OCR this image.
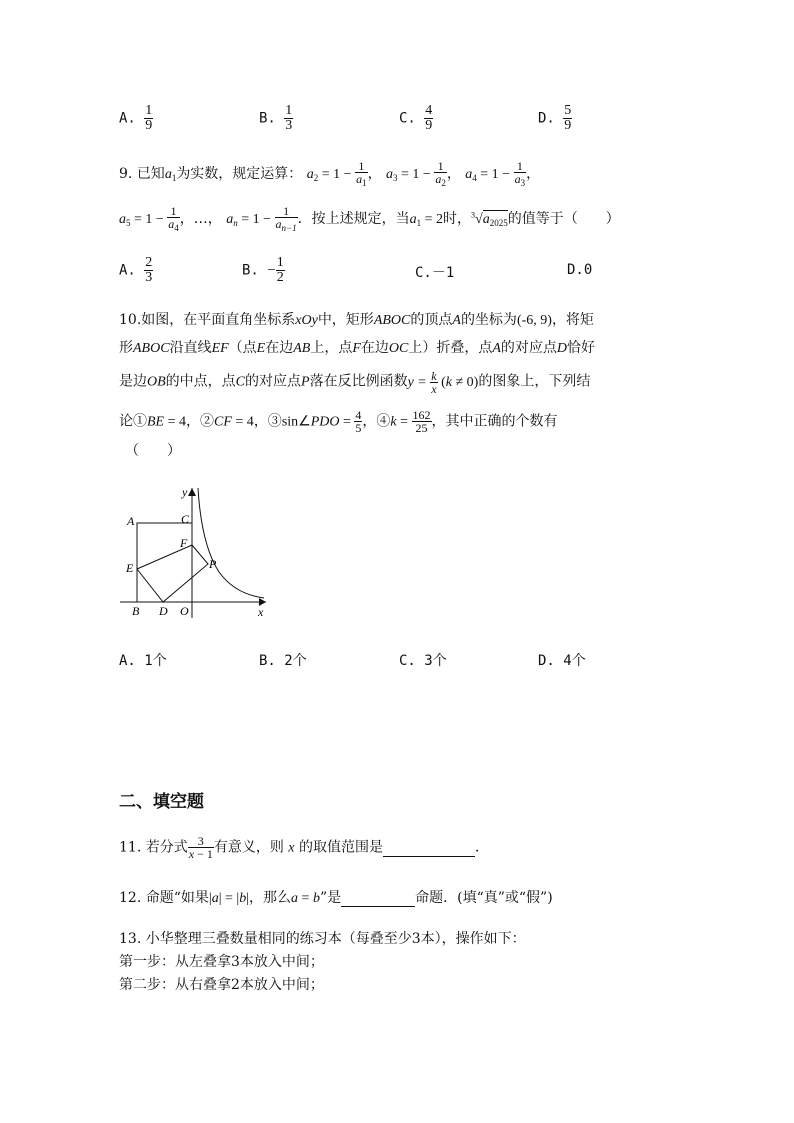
A. $\frac{1}{9}$	B. $\frac{1}{3}$	C. $\frac{4}{9}$	D. $\frac{5}{9}$
9. 已知$a_1$为实数，规定运算： $a_2 = 1 - \frac{1}{a_1}$ ， $a_3 = 1 - \frac{1}{a_2}$ ， $a_4 = 1 - \frac{1}{a_3}$ ，
$a_5 = 1 - \frac{1}{a_4}$ ，…， $a_n = 1 - \frac{1}{a_{n-1}}$ ．按上述规定，当$a_1 = 2$时，$^3√a_{2025}$的值等于（　　）
A. $\frac{2}{3}$	B. − $\frac{1}{2}$	C.－1	D.0
10.如图，在平面直角坐标系xOy中，矩形ABOC的顶点A的坐标为(-6, 9)，将矩
形ABOC沿直线EF（点E在边AB上，点F在边OC上）折叠，点A的对应点D恰好
是边OB的中点，点C的对应点P落在反比例函数$y = \frac{k}{x} (k \ne 0)$的图象上，下列结
论①BE = 4，②CF = 4，③sin∠PDO = $\frac{4}{5}$ ，④k = $\frac{162}{25}$ ，其中正确的个数有
（　　）
y
A	C
F
E	P
B D O	x
A. 1个	B. 2个	C. 3个	D. 4个
二、填空题
11. 若分式 $\frac{3}{x - 1}$ 有意义，则 x 的取值范围是	．
12. 命题“如果|a| = |b|，那么a = b”是	命题．(填“真”或“假”)
13. 小华整理三叠数量相同的练习本（每叠至少3本），操作如下：
第一步：从左叠拿3本放入中间；
第二步：从右叠拿2本放入中间；
